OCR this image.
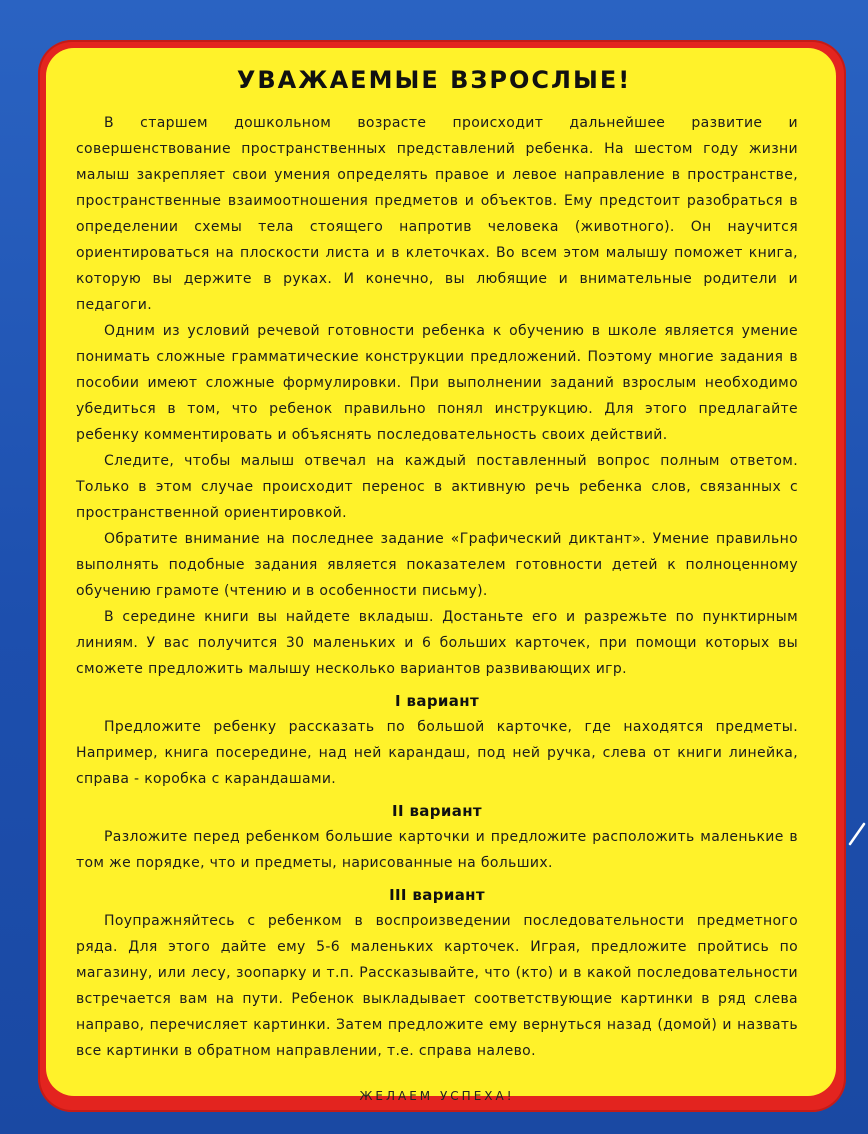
УВАЖАЕМЫЕ ВЗРОСЛЫЕ!

В старшем дошкольном возрасте происходит дальнейшее развитие и совершенствование пространственных представлений ребенка. На шестом году жизни малыш закрепляет свои умения определять правое и левое направление в пространстве, пространственные взаимоотношения предметов и объектов. Ему предстоит разобраться в определении схемы тела стоящего напротив человека (животного). Он научится ориентироваться на плоскости листа и в клеточках. Во всем этом малышу поможет книга, которую вы держите в руках. И конечно, вы любящие и внимательные родители и педагоги.

Одним из условий речевой готовности ребенка к обучению в школе является умение понимать сложные грамматические конструкции предложений. Поэтому многие задания в пособии имеют сложные формулировки. При выполнении заданий взрослым необходимо убедиться в том, что ребенок правильно понял инструкцию. Для этого предлагайте ребенку комментировать и объяснять последовательность своих действий.

Следите, чтобы малыш отвечал на каждый поставленный вопрос полным ответом. Только в этом случае происходит перенос в активную речь ребенка слов, связанных с пространственной ориентировкой.

Обратите внимание на последнее задание «Графический диктант». Умение правильно выполнять подобные задания является показателем готовности детей к полноценному обучению грамоте (чтению и в особенности письму).

В середине книги вы найдете вкладыш. Достаньте его и разрежьте по пунктирным линиям. У вас получится 30 маленьких и 6 больших карточек, при помощи которых вы сможете предложить малышу несколько вариантов развивающих игр.

I вариант

Предложите ребенку рассказать по большой карточке, где находятся предметы. Например, книга посередине, над ней карандаш, под ней ручка, слева от книги линейка, справа - коробка с карандашами.

II вариант

Разложите перед ребенком большие карточки и предложите расположить маленькие в том же порядке, что и предметы, нарисованные на больших.

III вариант

Поупражняйтесь с ребенком в воспроизведении последовательности предметного ряда. Для этого дайте ему 5-6 маленьких карточек. Играя, предложите пройтись по магазину, или лесу, зоопарку и т.п. Рассказывайте, что (кто) и в какой последовательности встречается вам на пути. Ребенок выкладывает соответствующие картинки в ряд слева направо, перечисляет картинки. Затем предложите ему вернуться назад (домой) и назвать все картинки в обратном направлении, т.е. справа налево.

ЖЕЛАЕМ УСПЕХА!
